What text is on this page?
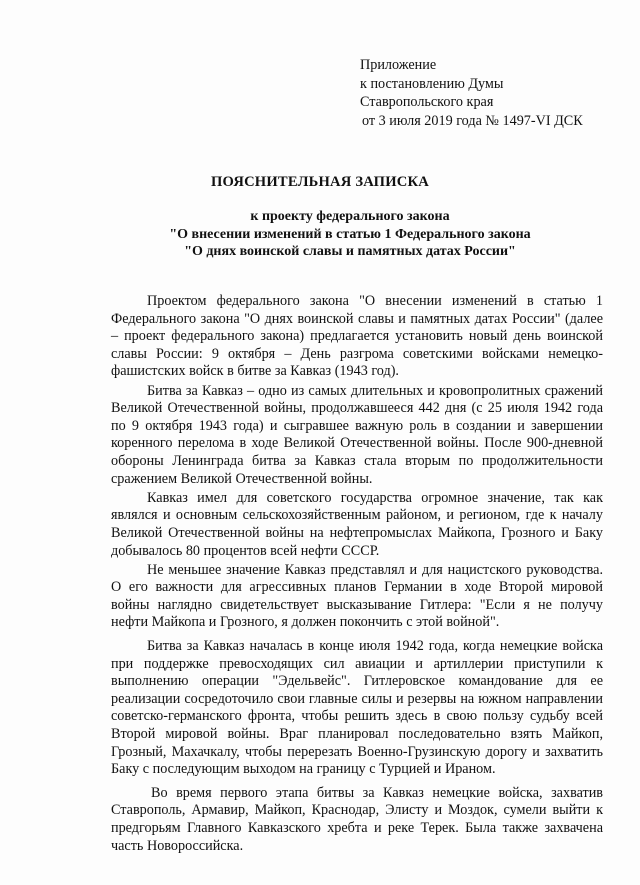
Приложение
к постановлению Думы
Ставропольского края
от 3 июля 2019 года № 1497-VI ДСК
ПОЯСНИТЕЛЬНАЯ ЗАПИСКА
к проекту федерального закона
"О внесении изменений в статью 1 Федерального закона
"О днях воинской славы и памятных датах России"

Проектом федерального закона "О внесении изменений в статью 1 Федерального закона "О днях воинской славы и памятных датах России" (далее – проект федерального закона) предлагается установить новый день воинской славы России: 9 октября – День разгрома советскими войсками немецко-фашистских войск в битве за Кавказ (1943 год).

Битва за Кавказ – одно из самых длительных и кровопролитных сражений Великой Отечественной войны, продолжавшееся 442 дня (с 25 июля 1942 года по 9 октября 1943 года) и сыгравшее важную роль в создании и завершении коренного перелома в ходе Великой Отечественной войны. После 900-дневной обороны Ленинграда битва за Кавказ стала вторым по продолжительности сражением Великой Отечественной войны.

Кавказ имел для советского государства огромное значение, так как являлся и основным сельскохозяйственным районом, и регионом, где к началу Великой Отечественной войны на нефтепромыслах Майкопа, Грозного и Баку добывалось 80 процентов всей нефти СССР.

Не меньшее значение Кавказ представлял и для нацистского руководства. О его важности для агрессивных планов Германии в ходе Второй мировой войны наглядно свидетельствует высказывание Гитлера: "Если я не получу нефти Майкопа и Грозного, я должен покончить с этой войной".

Битва за Кавказ началась в конце июля 1942 года, когда немецкие войска при поддержке превосходящих сил авиации и артиллерии приступили к выполнению операции "Эдельвейс". Гитлеровское командование для ее реализации сосредоточило свои главные силы и резервы на южном направлении советско-германского фронта, чтобы решить здесь в свою пользу судьбу всей Второй мировой войны. Враг планировал последовательно взять Майкоп, Грозный, Махачкалу, чтобы перерезать Военно-Грузинскую дорогу и захватить Баку с последующим выходом на границу с Турцией и Ираном.

Во время первого этапа битвы за Кавказ немецкие войска, захватив Ставрополь, Армавир, Майкоп, Краснодар, Элисту и Моздок, сумели выйти к предгорьям Главного Кавказского хребта и реке Терек. Была также захвачена часть Новороссийска.
